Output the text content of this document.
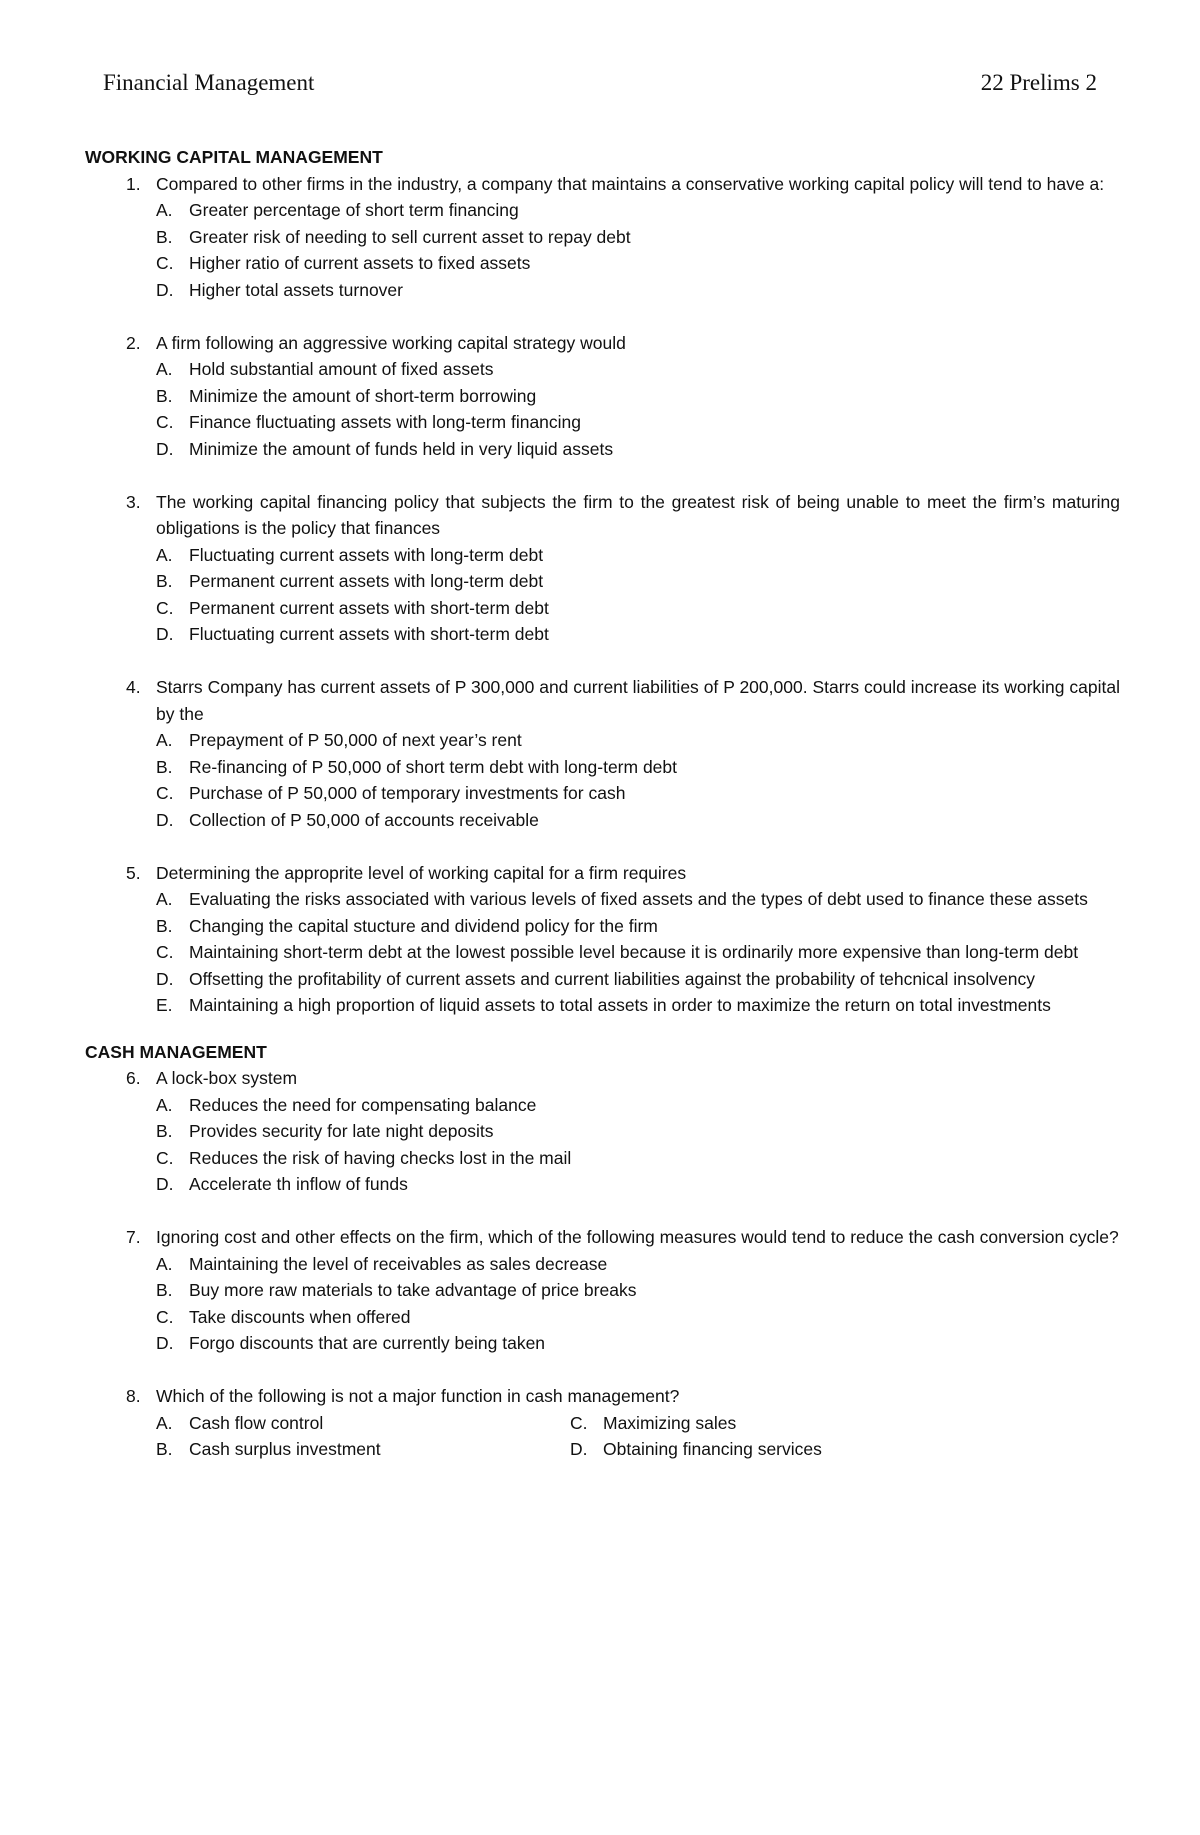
Financial Management	22 Prelims 2

WORKING CAPITAL MANAGEMENT

1. Compared to other firms in the industry, a company that maintains a conservative working capital policy will tend to have a:
A. Greater percentage of short term financing
B. Greater risk of needing to sell current asset to repay debt
C. Higher ratio of current assets to fixed assets
D. Higher total assets turnover
2. A firm following an aggressive working capital strategy would
A. Hold substantial amount of fixed assets
B. Minimize the amount of short-term borrowing
C. Finance fluctuating assets with long-term financing
D. Minimize the amount of funds held in very liquid assets
3. The working capital financing policy that subjects the firm to the greatest risk of being unable to meet the firm’s maturing obligations is the policy that finances
A. Fluctuating current assets with long-term debt
B. Permanent current assets with long-term debt
C. Permanent current assets with short-term debt
D. Fluctuating current assets with short-term debt
4. Starrs Company has current assets of P 300,000 and current liabilities of P 200,000. Starrs could increase its working capital by the
A. Prepayment of P 50,000 of next year’s rent
B. Re-financing of P 50,000 of short term debt with long-term debt
C. Purchase of P 50,000 of temporary investments for cash
D. Collection of P 50,000 of accounts receivable
5. Determining the approprite level of working capital for a firm requires
A. Evaluating the risks associated with various levels of fixed assets and the types of debt used to finance these assets
B. Changing the capital stucture and dividend policy for the firm
C. Maintaining short-term debt at the lowest possible level because it is ordinarily more expensive than long-term debt
D. Offsetting the profitability of current assets and current liabilities against the probability of tehcnical insolvency
E. Maintaining a high proportion of liquid assets to total assets in order to maximize the return on total investments

CASH MANAGEMENT

6. A lock-box system
A. Reduces the need for compensating balance
B. Provides security for late night deposits
C. Reduces the risk of having checks lost in the mail
D. Accelerate th inflow of funds
7. Ignoring cost and other effects on the firm, which of the following measures would tend to reduce the cash conversion cycle?
A. Maintaining the level of receivables as sales decrease
B. Buy more raw materials to take advantage of price breaks
C. Take discounts when offered
D. Forgo discounts that are currently being taken
8. Which of the following is not a major function in cash management?
A. Cash flow control	C. Maximizing sales
B. Cash surplus investment	D. Obtaining financing services
